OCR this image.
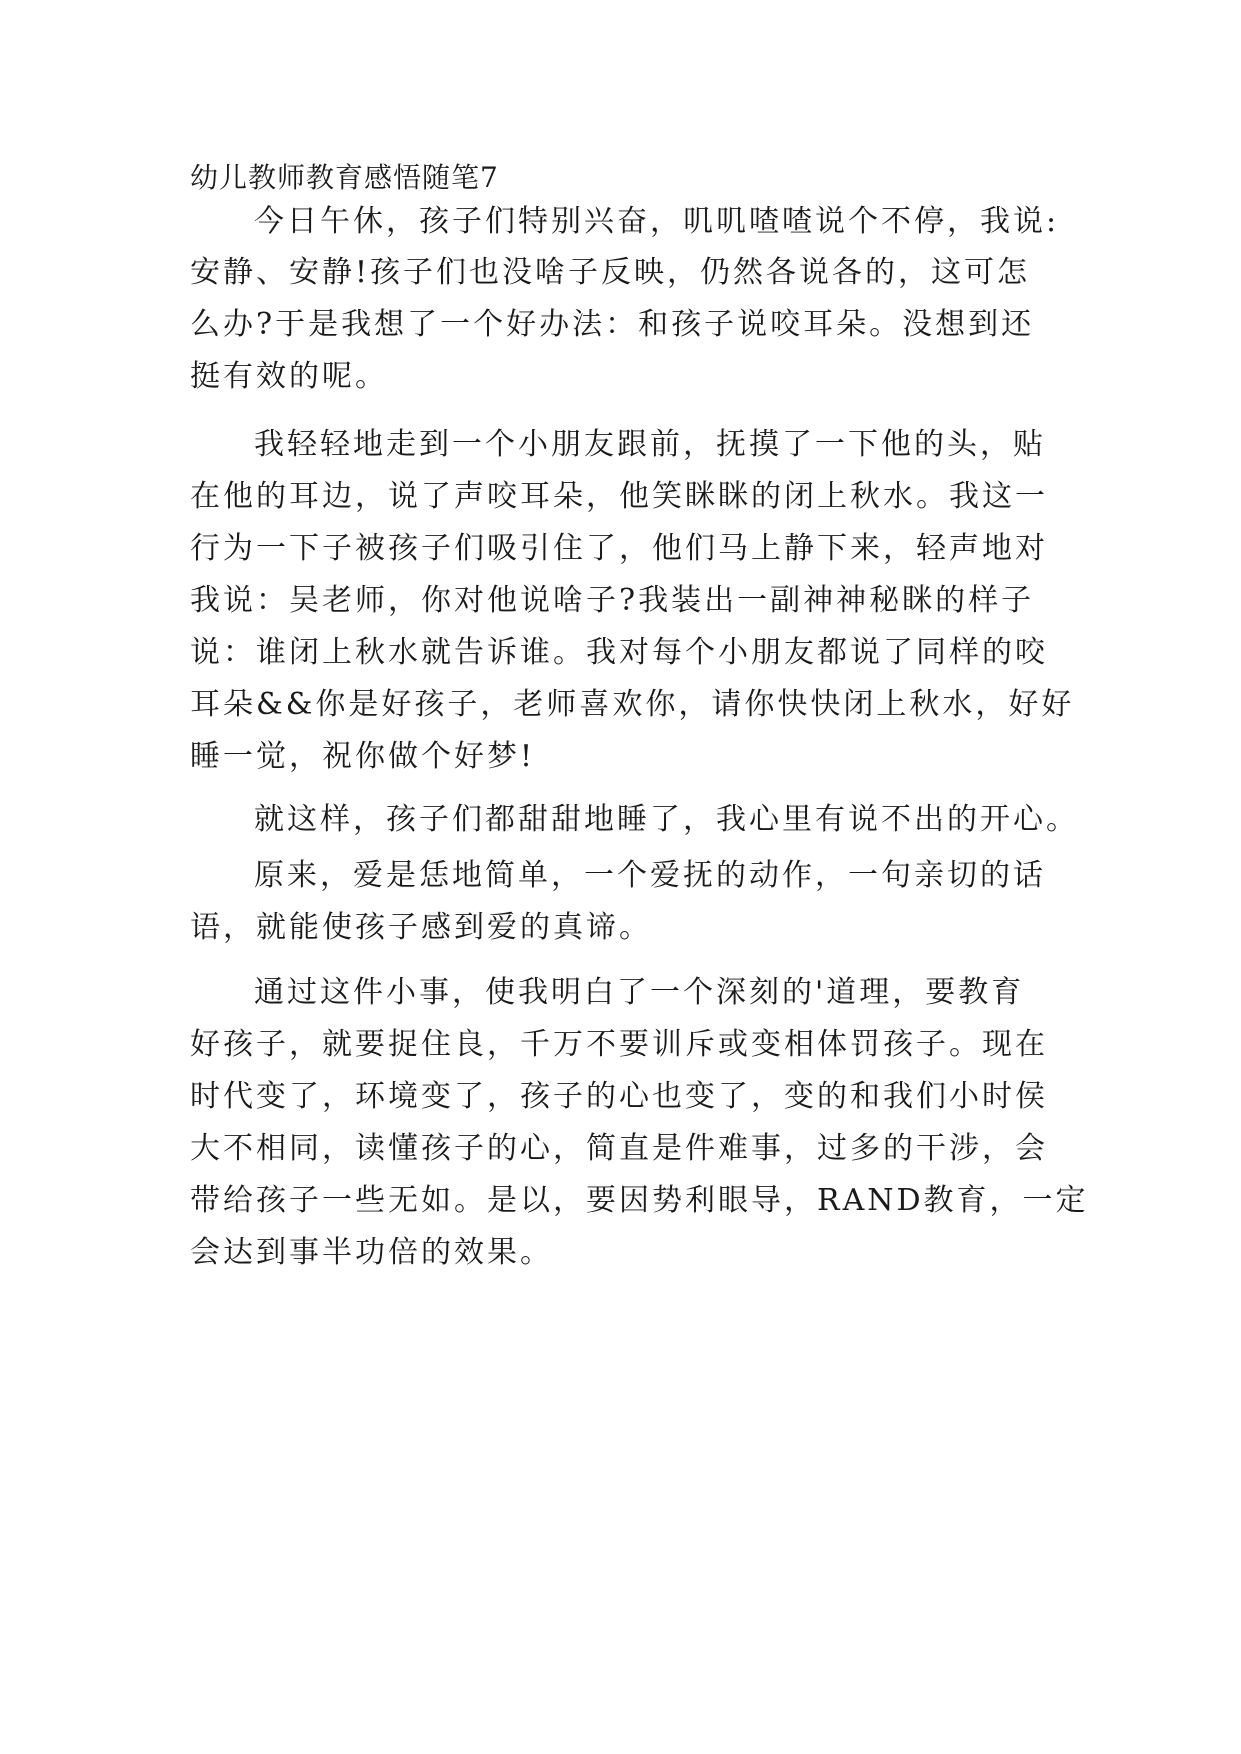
幼儿教师教育感悟随笔7
今日午休，孩子们特别兴奋，叽叽喳喳说个不停，我说:
安静、安静!孩子们也没啥子反映，仍然各说各的，这可怎
么办?于是我想了一个好办法：和孩子说咬耳朵。没想到还
挺有效的呢。
我轻轻地走到一个小朋友跟前，抚摸了一下他的头，贴
在他的耳边，说了声咬耳朵，他笑眯眯的闭上秋水。我这一
行为一下子被孩子们吸引住了，他们马上静下来，轻声地对
我说：吴老师，你对他说啥子?我装出一副神神秘眯的样子
说：谁闭上秋水就告诉谁。我对每个小朋友都说了同样的咬
耳朵&&你是好孩子，老师喜欢你，请你快快闭上秋水，好好
睡一觉，祝你做个好梦!
就这样，孩子们都甜甜地睡了，我心里有说不出的开心。
原来，爱是恁地简单，一个爱抚的动作，一句亲切的话
语，就能使孩子感到爱的真谛。
通过这件小事，使我明白了一个深刻的'道理，要教育
好孩子，就要捉住良，千万不要训斥或变相体罚孩子。现在
时代变了，环境变了，孩子的心也变了，变的和我们小时侯
大不相同，读懂孩子的心，简直是件难事，过多的干涉，会
带给孩子一些无如。是以，要因势利眼导，RAND教育，一定
会达到事半功倍的效果。
